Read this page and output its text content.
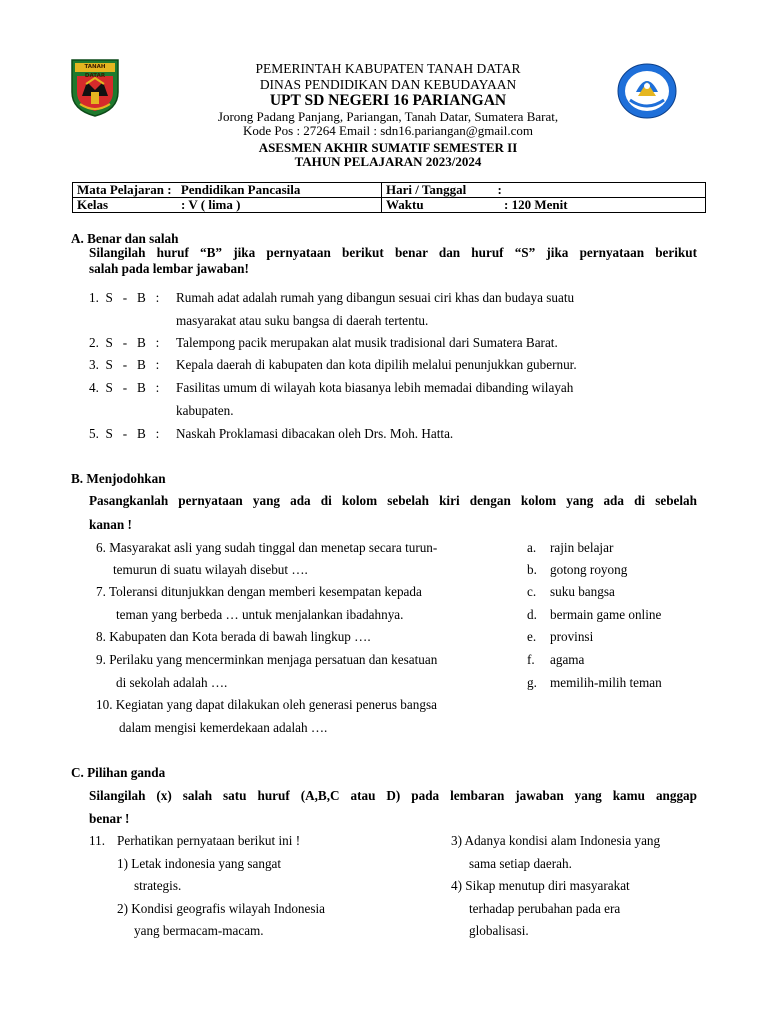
TANAH DATAR	PEMERINTAH KABUPATEN TANAH DATAR
DINAS PENDIDIKAN DAN KEBUDAYAAN
UPT SD NEGERI 16 PARIANGAN
Jorong Padang Panjang, Pariangan, Tanah Datar, Sumatera Barat,
Kode Pos : 27264 Email : sdn16.pariangan@gmail.com
ASESMEN AKHIR SUMATIF SEMESTER II
TAHUN PELAJARAN 2023/2024
Mata Pelajaran : Pendidikan Pancasila	Hari / Tanggal :
Kelas : V ( lima )	Waktu : 120 Menit
A. Benar dan salah
Silangilah huruf “B” jika pernyataan berikut benar dan huruf “S” jika pernyataan berikut
salah pada lembar jawaban!
1.  S   -   B   : Rumah adat adalah rumah yang dibangun sesuai ciri khas dan budaya suatu
masyarakat atau suku bangsa di daerah tertentu.
2.  S   -   B   : Talempong pacik merupakan alat musik tradisional dari Sumatera Barat.
3.  S   -   B   : Kepala daerah di kabupaten dan kota dipilih melalui penunjukkan gubernur.
4.  S   -   B   : Fasilitas umum di wilayah kota biasanya lebih memadai dibanding wilayah
kabupaten.
5.  S   -   B   : Naskah Proklamasi dibacakan oleh Drs. Moh. Hatta.
B. Menjodohkan
Pasangkanlah pernyataan yang ada di kolom sebelah kiri dengan kolom yang ada di sebelah
kanan !
6. Masyarakat asli yang sudah tinggal dan menetap secara turun-
temurun di suatu wilayah disebut ….
7. Toleransi ditunjukkan dengan memberi kesempatan kepada
teman yang berbeda … untuk menjalankan ibadahnya.
8. Kabupaten dan Kota berada di bawah lingkup ….
9. Perilaku yang mencerminkan menjaga persatuan dan kesatuan
di sekolah adalah ….
10. Kegiatan yang dapat dilakukan oleh generasi penerus bangsa
dalam mengisi kemerdekaan adalah ….
a. rajin belajar
b. gotong royong
c. suku bangsa
d. bermain game online
e. provinsi
f. agama
g. memilih-milih teman
C. Pilihan ganda
Silangilah (x) salah satu huruf (A,B,C atau D) pada lembaran jawaban yang kamu anggap
benar !
11. Perhatikan pernyataan berikut ini !
1) Letak indonesia yang sangat
strategis.
2) Kondisi geografis wilayah Indonesia
yang bermacam-macam.
3) Adanya kondisi alam Indonesia yang
sama setiap daerah.
4) Sikap menutup diri masyarakat
terhadap perubahan pada era
globalisasi.
